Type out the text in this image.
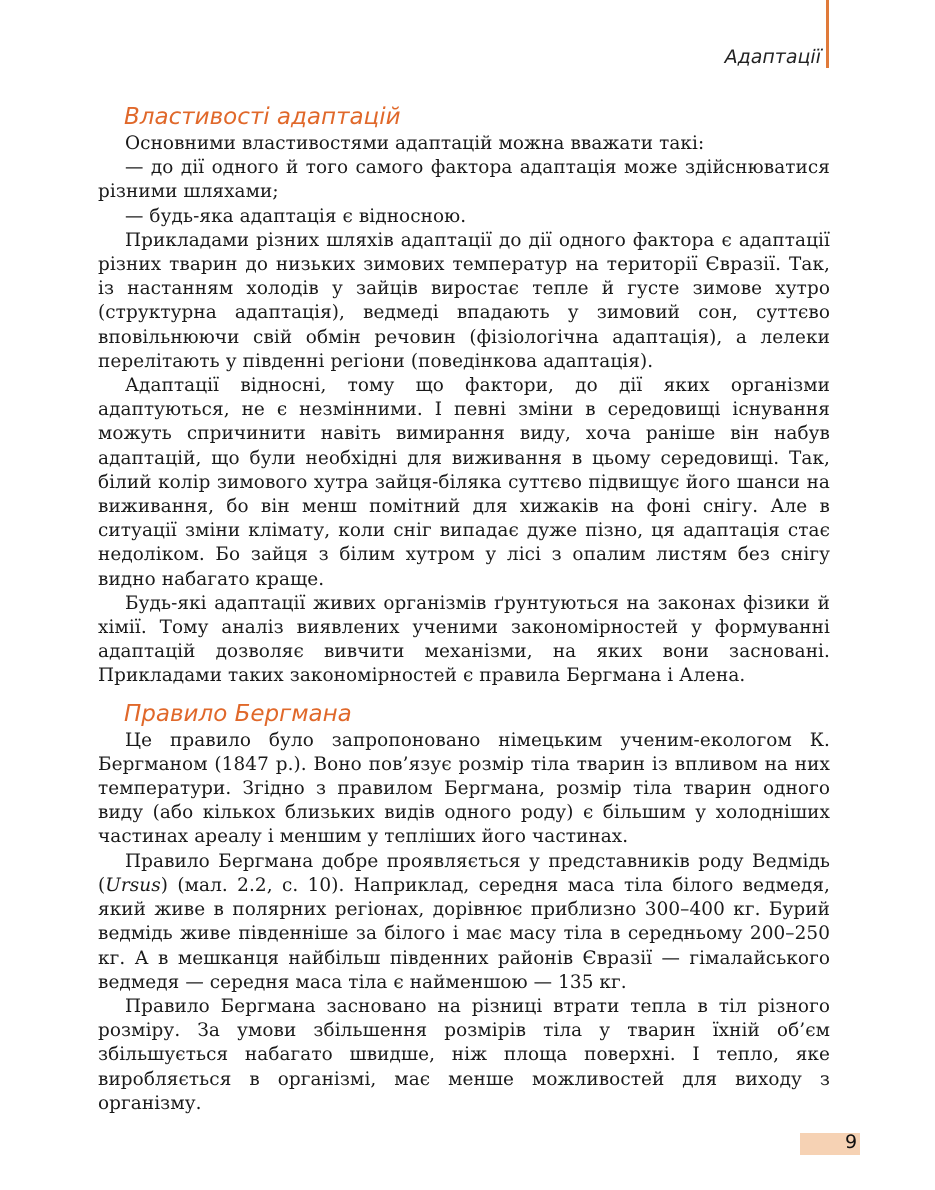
Адаптації
Властивості адаптацій

Основними властивостями адаптацій можна вважати такі:

— до дії одного й того самого фактора адаптація може здійснюватися різними шляхами;

— будь-яка адаптація є відносною.

Прикладами різних шляхів адаптації до дії одного фактора є адаптації різних тварин до низьких зимових температур на території Євразії. Так, із настанням холодів у зайців виростає тепле й густе зимове хутро (структурна адаптація), ведмеді впадають у зимовий сон, суттєво вповільнюючи свій обмін речовин (фізіологічна адаптація), а лелеки перелітають у південні регіони (поведінкова адаптація).

Адаптації відносні, тому що фактори, до дії яких організми адаптуються, не є незмінними. І певні зміни в середовищі існування можуть спричинити навіть вимирання виду, хоча раніше він набув адаптацій, що були необхідні для виживання в цьому середовищі. Так, білий колір зимового хутра зайця-біляка суттєво підвищує його шанси на виживання, бо він менш помітний для хижаків на фоні снігу. Але в ситуації зміни клімату, коли сніг випадає дуже пізно, ця адаптація стає недоліком. Бо зайця з білим хутром у лісі з опалим листям без снігу видно набагато краще.

Будь-які адаптації живих організмів ґрунтуються на законах фізики й хімії. Тому аналіз виявлених ученими закономірностей у формуванні адаптацій дозволяє вивчити механізми, на яких вони засновані. Прикладами таких закономірностей є правила Бергмана і Алена.

Правило Бергмана

Це правило було запропоновано німецьким ученим-екологом К. Бергманом (1847 р.). Воно пов’язує розмір тіла тварин із впливом на них температури. Згідно з правилом Бергмана, розмір тіла тварин одного виду (або кількох близьких видів одного роду) є більшим у холодніших частинах ареалу і меншим у тепліших його частинах.

Правило Бергмана добре проявляється у представників роду Ведмідь (Ursus) (мал. 2.2, с. 10). Наприклад, середня маса тіла білого ведмедя, який живе в полярних регіонах, дорівнює приблизно 300–400 кг. Бурий ведмідь живе південніше за білого і має масу тіла в середньому 200–250 кг. А в мешканця найбільш південних районів Євразії — гімалайського ведмедя — середня маса тіла є найменшою — 135 кг.

Правило Бергмана засновано на різниці втрати тепла в тіл різного розміру. За умови збільшення розмірів тіла у тварин їхній об’єм збільшується набагато швидше, ніж площа поверхні. І тепло, яке виробляється в організмі, має менше можливостей для виходу з організму.

9
